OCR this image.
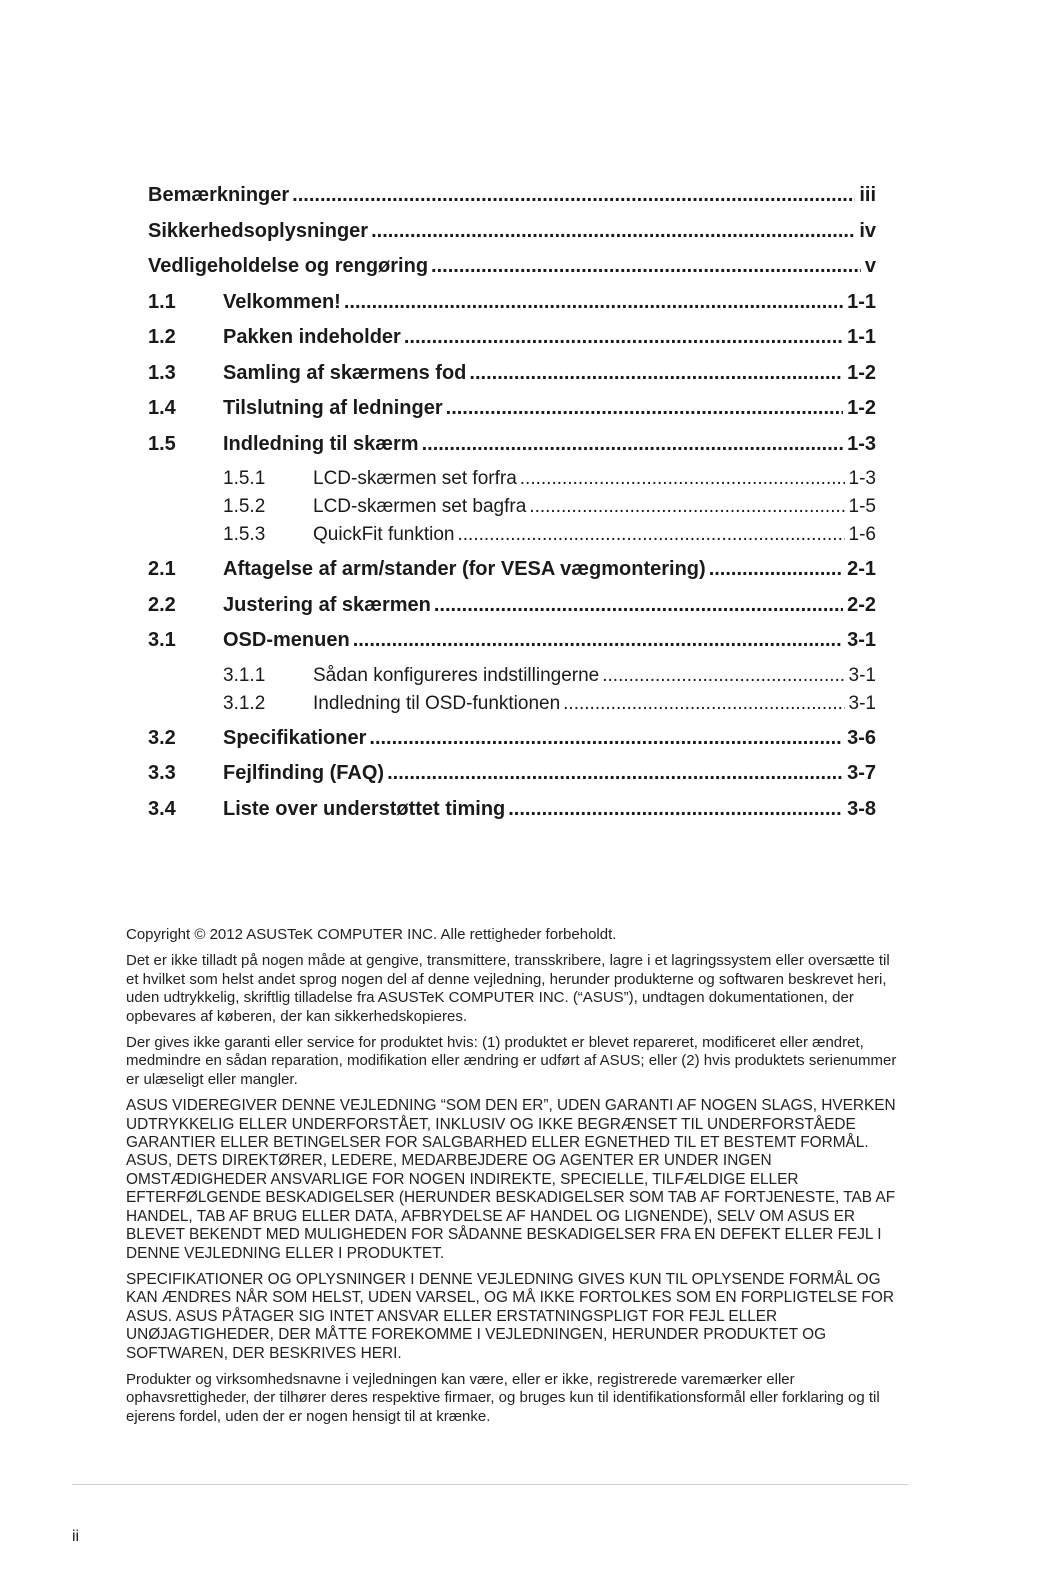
Bemærkninger .....	iii
Sikkerhedsoplysninger .....	iv
Vedligeholdelse og rengøring .....	v
1.1	Velkommen! .....	1-1
1.2	Pakken indeholder .....	1-1
1.3	Samling af skærmens fod .....	1-2
1.4	Tilslutning af ledninger .....	1-2
1.5	Indledning til skærm .....	1-3
1.5.1	LCD-skærmen set forfra .....	1-3
1.5.2	LCD-skærmen set bagfra .....	1-5
1.5.3	QuickFit funktion .....	1-6
2.1	Aftagelse af arm/stander (for VESA vægmontering) .....	2-1
2.2	Justering af skærmen .....	2-2
3.1	OSD-menuen .....	3-1
3.1.1	Sådan konfigureres indstillingerne .....	3-1
3.1.2	Indledning til OSD-funktionen .....	3-1
3.2	Specifikationer .....	3-6
3.3	Fejlfinding (FAQ) .....	3-7
3.4	Liste over understøttet timing .....	3-8

Copyright © 2012 ASUSTeK COMPUTER INC. Alle rettigheder forbeholdt.

Det er ikke tilladt på nogen måde at gengive, transmittere, transskribere, lagre i et lagringssystem eller oversætte til et hvilket som helst andet sprog nogen del af denne vejledning, herunder produkterne og softwaren beskrevet heri, uden udtrykkelig, skriftlig tilladelse fra ASUSTeK COMPUTER INC. (“ASUS”), undtagen dokumentationen, der opbevares af køberen, der kan sikkerhedskopieres.

Der gives ikke garanti eller service for produktet hvis: (1) produktet er blevet repareret, modificeret eller ændret, medmindre en sådan reparation, modifikation eller ændring er udført af ASUS; eller (2) hvis produktets serienummer er ulæseligt eller mangler.

ASUS VIDEREGIVER DENNE VEJLEDNING “SOM DEN ER”, UDEN GARANTI AF NOGEN SLAGS, HVERKEN UDTRYKKELIG ELLER UNDERFORSTÅET, INKLUSIV OG IKKE BEGRÆNSET TIL UNDERFORSTÅEDE GARANTIER ELLER BETINGELSER FOR SALGBARHED ELLER EGNETHED TIL ET BESTEMT FORMÅL. ASUS, DETS DIREKTØRER, LEDERE, MEDARBEJDERE OG AGENTER ER UNDER INGEN OMSTÆDIGHEDER ANSVARLIGE FOR NOGEN INDIREKTE, SPECIELLE, TILFÆLDIGE ELLER EFTERFØLGENDE BESKADIGELSER (HERUNDER BESKADIGELSER SOM TAB AF FORTJENESTE, TAB AF HANDEL, TAB AF BRUG ELLER DATA, AFBRYDELSE AF HANDEL OG LIGNENDE), SELV OM ASUS ER BLEVET BEKENDT MED MULIGHEDEN FOR SÅDANNE BESKADIGELSER FRA EN DEFEKT ELLER FEJL I DENNE VEJLEDNING ELLER I PRODUKTET.

SPECIFIKATIONER OG OPLYSNINGER I DENNE VEJLEDNING GIVES KUN TIL OPLYSENDE FORMÅL OG KAN ÆNDRES NÅR SOM HELST, UDEN VARSEL, OG MÅ IKKE FORTOLKES SOM EN FORPLIGTELSE FOR ASUS. ASUS PÅTAGER SIG INTET ANSVAR ELLER ERSTATNINGSPLIGT FOR FEJL ELLER UNØJAGTIGHEDER, DER MÅTTE FOREKOMME I VEJLEDNINGEN, HERUNDER PRODUKTET OG SOFTWAREN, DER BESKRIVES HERI.

Produkter og virksomhedsnavne i vejledningen kan være, eller er ikke, registrerede varemærker eller ophavsrettigheder, der tilhører deres respektive firmaer, og bruges kun til identifikationsformål eller forklaring og til ejerens fordel, uden der er nogen hensigt til at krænke.

ii
